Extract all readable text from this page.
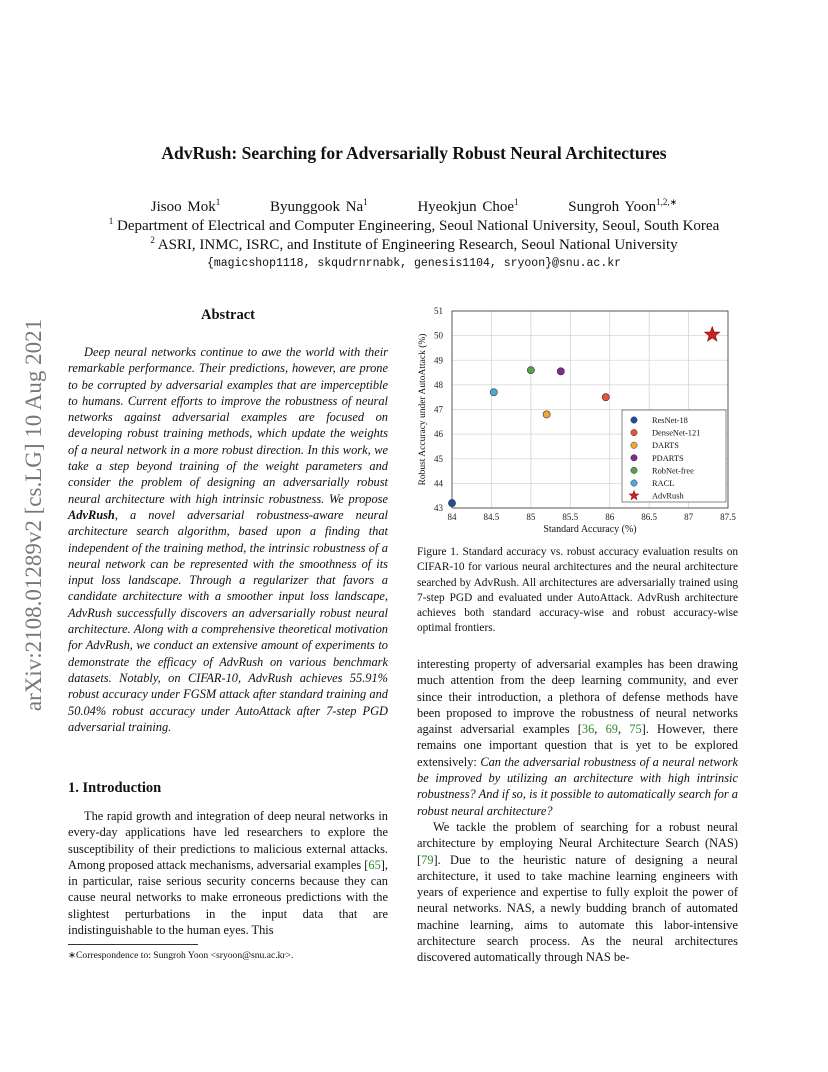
AdvRush: Searching for Adversarially Robust Neural Architectures
Jisoo Mok$^1$	Byunggook Na$^1$	Hyeokjun Choe$^1$	Sungroh Yoon$^{1,2,∗}$
$^1$ Department of Electrical and Computer Engineering, Seoul National University, Seoul, South Korea
$^2$ ASRI, INMC, ISRC, and Institute of Engineering Research, Seoul National University
{magicshop1118, skqudrnrnabk, genesis1104, sryoon}@snu.ac.kr
arXiv:2108.01289v2 [cs.LG] 10 Aug 2021
Abstract
Deep neural networks continue to awe the world with their remarkable performance. Their predictions, however, are prone to be corrupted by adversarial examples that are imperceptible to humans. Current efforts to improve the robustness of neural networks against adversarial examples are focused on developing robust training methods, which update the weights of a neural network in a more robust direction. In this work, we take a step beyond training of the weight parameters and consider the problem of designing an adversarially robust neural architecture with high intrinsic robustness. We propose AdvRush, a novel adversarial robustness-aware neural architecture search algorithm, based upon a finding that independent of the training method, the intrinsic robustness of a neural network can be represented with the smoothness of its input loss landscape. Through a regularizer that favors a candidate architecture with a smoother input loss landscape, AdvRush successfully discovers an adversarially robust neural architecture. Along with a comprehensive theoretical motivation for AdvRush, we conduct an extensive amount of experiments to demonstrate the efficacy of AdvRush on various benchmark datasets. Notably, on CIFAR-10, AdvRush achieves 55.91% robust accuracy under FGSM attack after standard training and 50.04% robust accuracy under AutoAttack after 7-step PGD adversarial training.
1. Introduction
The rapid growth and integration of deep neural networks in every-day applications have led researchers to explore the susceptibility of their predictions to malicious external attacks. Among proposed attack mechanisms, adversarial examples [65], in particular, raise serious security concerns because they can cause neural networks to make erroneous predictions with the slightest perturbations in the input data that are indistinguishable to the human eyes. This
∗Correspondence to: Sungroh Yoon <sryoon@snu.ac.kr>.
84	84.5	85	85.5	86	86.5	87	87.5
43
44
45
46
47
48
49
50
51
Standard Accuracy (%)
Robust Accuracy under AutoAttack (%)	ResNet-18
DenseNet-121
DARTS
PDARTS
RobNet-free
RACL
AdvRush
Figure 1. Standard accuracy vs. robust accuracy evaluation results on CIFAR-10 for various neural architectures and the neural architecture searched by AdvRush. All architectures are adversarially trained using 7-step PGD and evaluated under AutoAttack. AdvRush architecture achieves both standard accuracy-wise and robust accuracy-wise optimal frontiers.

interesting property of adversarial examples has been drawing much attention from the deep learning community, and ever since their introduction, a plethora of defense methods have been proposed to improve the robustness of neural networks against adversarial examples [36, 69, 75]. However, there remains one important question that is yet to be explored extensively: Can the adversarial robustness of a neural network be improved by utilizing an architecture with high intrinsic robustness? And if so, is it possible to automatically search for a robust neural architecture?

We tackle the problem of searching for a robust neural architecture by employing Neural Architecture Search (NAS) [79]. Due to the heuristic nature of designing a neural architecture, it used to take machine learning engineers with years of experience and expertise to fully exploit the power of neural networks. NAS, a newly budding branch of automated machine learning, aims to automate this labor-intensive architecture search process. As the neural architectures discovered automatically through NAS be-
